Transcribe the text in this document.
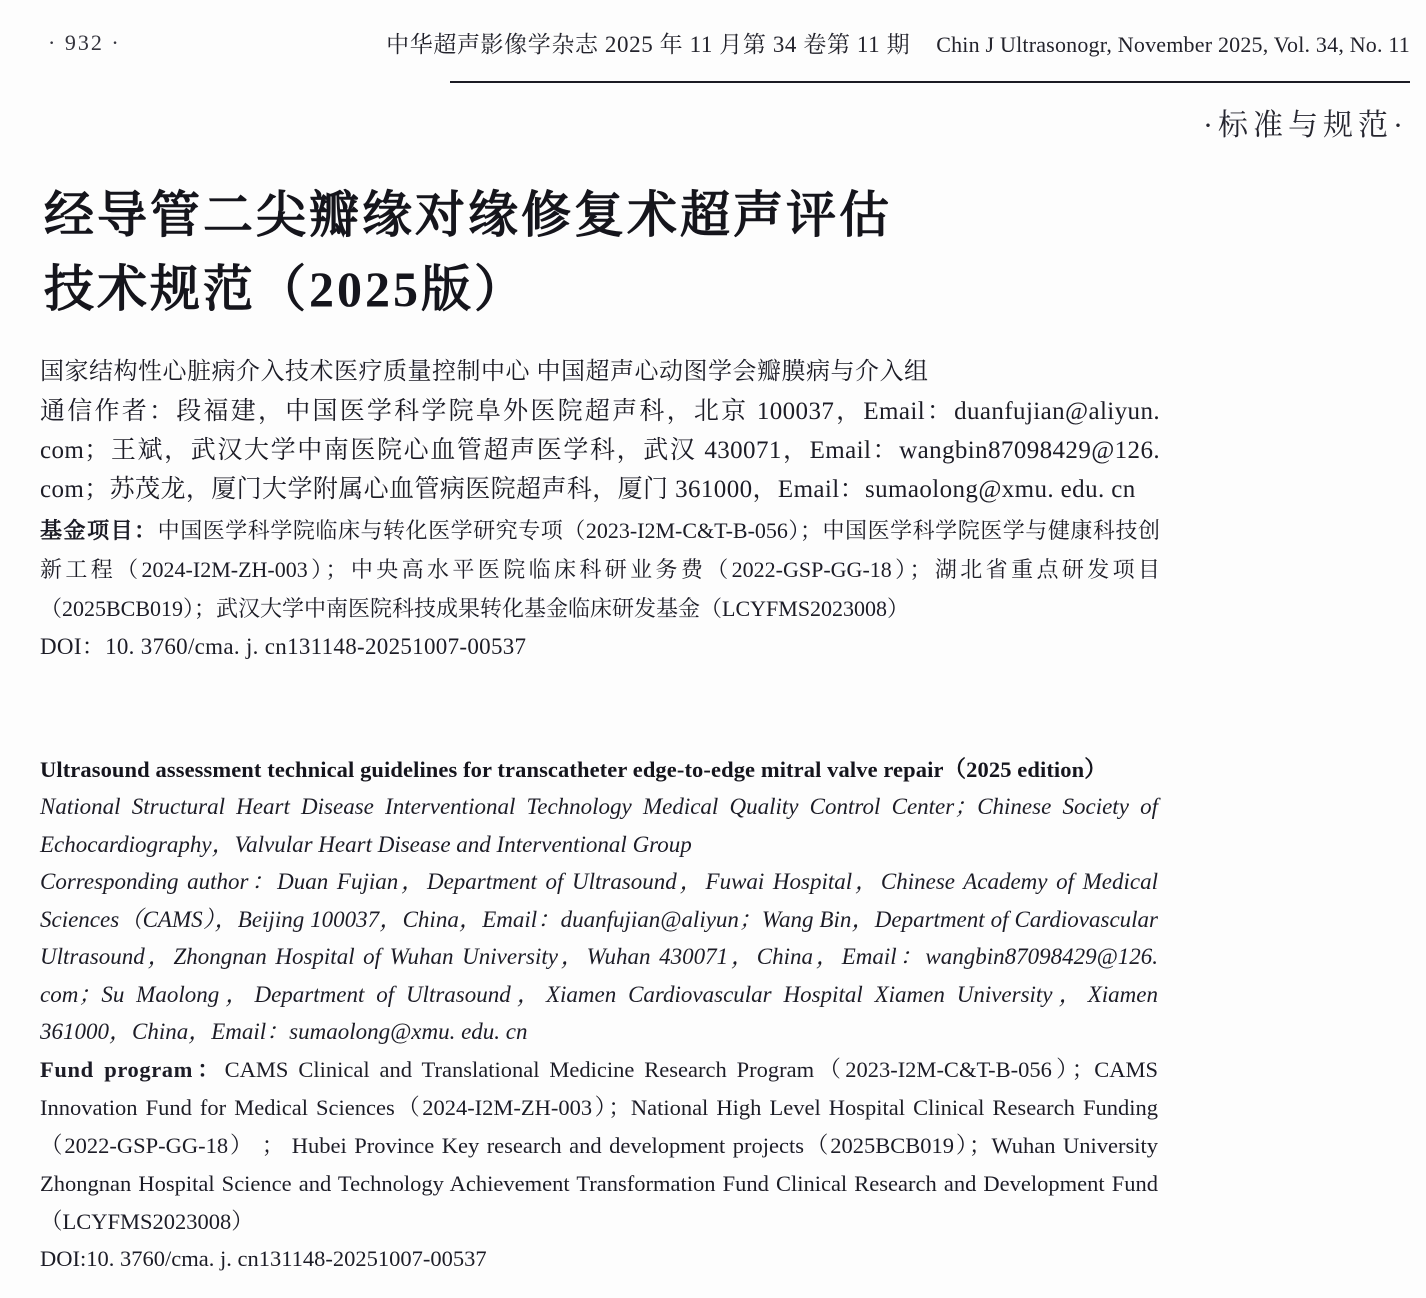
· 932 ·	中华超声影像学杂志 2025 年 11 月第 34 卷第 11 期 Chin J Ultrasonogr, November 2025, Vol. 34, No. 11
·标准与规范·
经导管二尖瓣缘对缘修复术超声评估
技术规范（2025版）
国家结构性心脏病介入技术医疗质量控制中心 中国超声心动图学会瓣膜病与介入组
通信作者：段福建，中国医学科学院阜外医院超声科，北京 100037，Email：duanfujian@aliyun. com；王斌，武汉大学中南医院心血管超声医学科，武汉 430071，Email：wangbin87098429@126. com；苏茂龙，厦门大学附属心血管病医院超声科，厦门 361000，Email：sumaolong@xmu. edu. cn
基金项目：中国医学科学院临床与转化医学研究专项（2023-I2M-C&T-B-056）；中国医学科学院医学与健康科技创新工程（2024-I2M-ZH-003）；中央高水平医院临床科研业务费（2022-GSP-GG-18）；湖北省重点研发项目（2025BCB019）；武汉大学中南医院科技成果转化基金临床研发基金（LCYFMS2023008）
DOI：10. 3760/cma. j. cn131148-20251007-00537
Ultrasound assessment technical guidelines for transcatheter edge-to-edge mitral valve repair（2025 edition）
National Structural Heart Disease Interventional Technology Medical Quality Control Center；Chinese Society of Echocardiography，Valvular Heart Disease and Interventional Group
Corresponding author：Duan Fujian，Department of Ultrasound，Fuwai Hospital，Chinese Academy of Medical Sciences（CAMS），Beijing 100037，China，Email：duanfujian@aliyun；Wang Bin，Department of Cardiovascular Ultrasound，Zhongnan Hospital of Wuhan University，Wuhan 430071，China，Email：wangbin87098429@126. com；Su Maolong，Department of Ultrasound，Xiamen Cardiovascular Hospital Xiamen University，Xiamen 361000，China，Email：sumaolong@xmu. edu. cn
Fund program：CAMS Clinical and Translational Medicine Research Program（2023-I2M-C&T-B-056）；CAMS Innovation Fund for Medical Sciences（2024-I2M-ZH-003）；National High Level Hospital Clinical Research Funding （2022-GSP-GG-18） ； Hubei Province Key research and development projects（2025BCB019）；Wuhan University Zhongnan Hospital Science and Technology Achievement Transformation Fund Clinical Research and Development Fund（LCYFMS2023008）
DOI:10. 3760/cma. j. cn131148-20251007-00537
